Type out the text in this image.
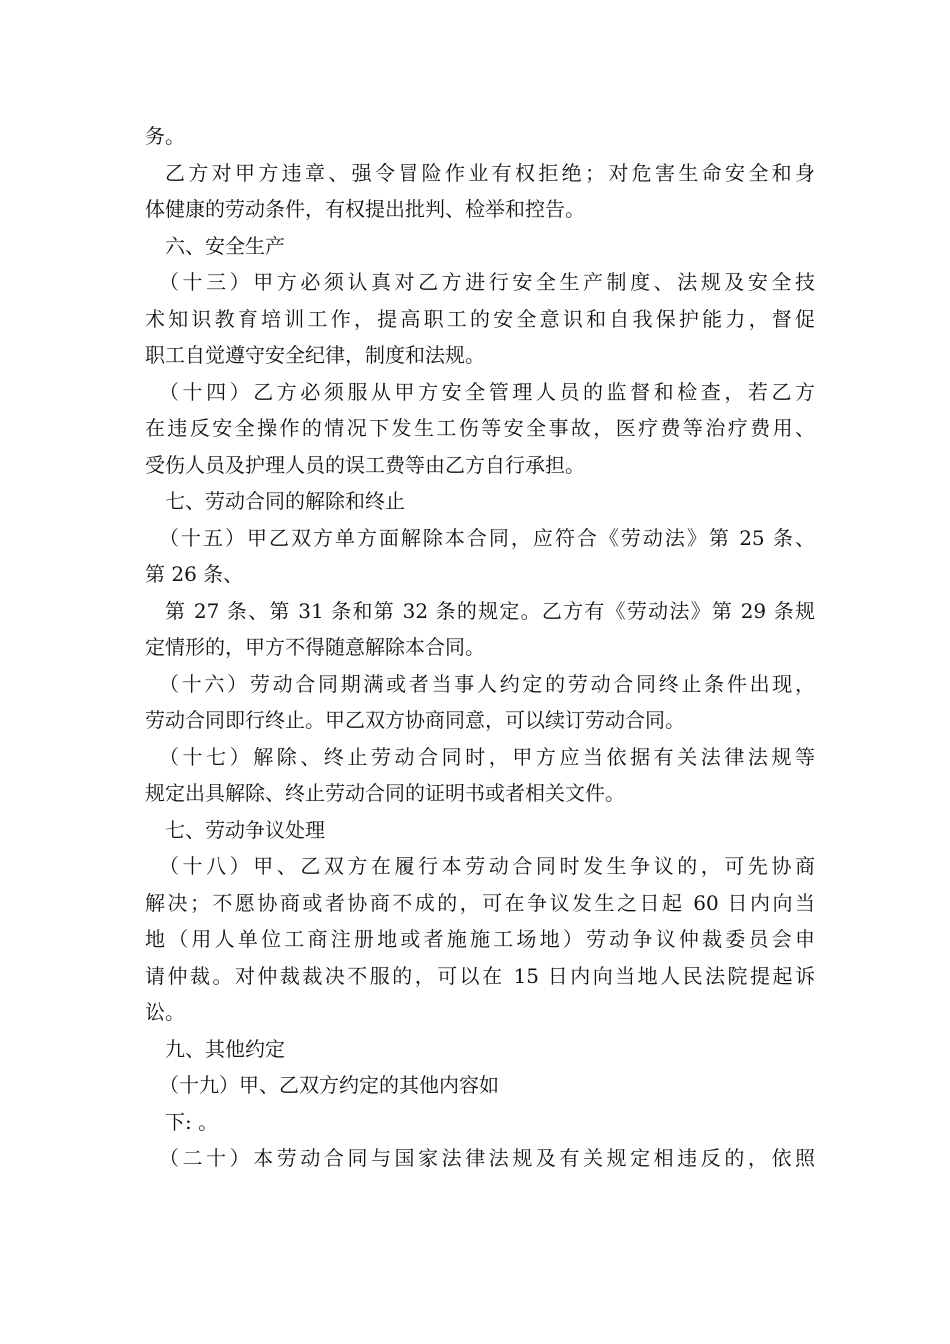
务。
乙方对甲方违章、强令冒险作业有权拒绝；对危害生命安全和身
体健康的劳动条件，有权提出批判、检举和控告。
六、安全生产
（十三）甲方必须认真对乙方进行安全生产制度、法规及安全技
术知识教育培训工作，提高职工的安全意识和自我保护能力，督促
职工自觉遵守安全纪律，制度和法规。
（十四）乙方必须服从甲方安全管理人员的监督和检查，若乙方
在违反安全操作的情况下发生工伤等安全事故，医疗费等治疗费用、
受伤人员及护理人员的误工费等由乙方自行承担。
七、劳动合同的解除和终止
（十五）甲乙双方单方面解除本合同，应符合《劳动法》第 25 条、
第 26 条、
第 27 条、第 31 条和第 32 条的规定。乙方有《劳动法》第 29 条规
定情形的，甲方不得随意解除本合同。
（十六）劳动合同期满或者当事人约定的劳动合同终止条件出现，
劳动合同即行终止。甲乙双方协商同意，可以续订劳动合同。
（十七）解除、终止劳动合同时，甲方应当依据有关法律法规等
规定出具解除、终止劳动合同的证明书或者相关文件。
七、劳动争议处理
（十八）甲、乙双方在履行本劳动合同时发生争议的，可先协商
解决；不愿协商或者协商不成的，可在争议发生之日起 60 日内向当
地（用人单位工商注册地或者施施工场地）劳动争议仲裁委员会申
请仲裁。对仲裁裁决不服的，可以在 15 日内向当地人民法院提起诉
讼。
九、其他约定
（十九）甲、乙双方约定的其他内容如
下: 。
（二十）本劳动合同与国家法律法规及有关规定相违反的，依照
